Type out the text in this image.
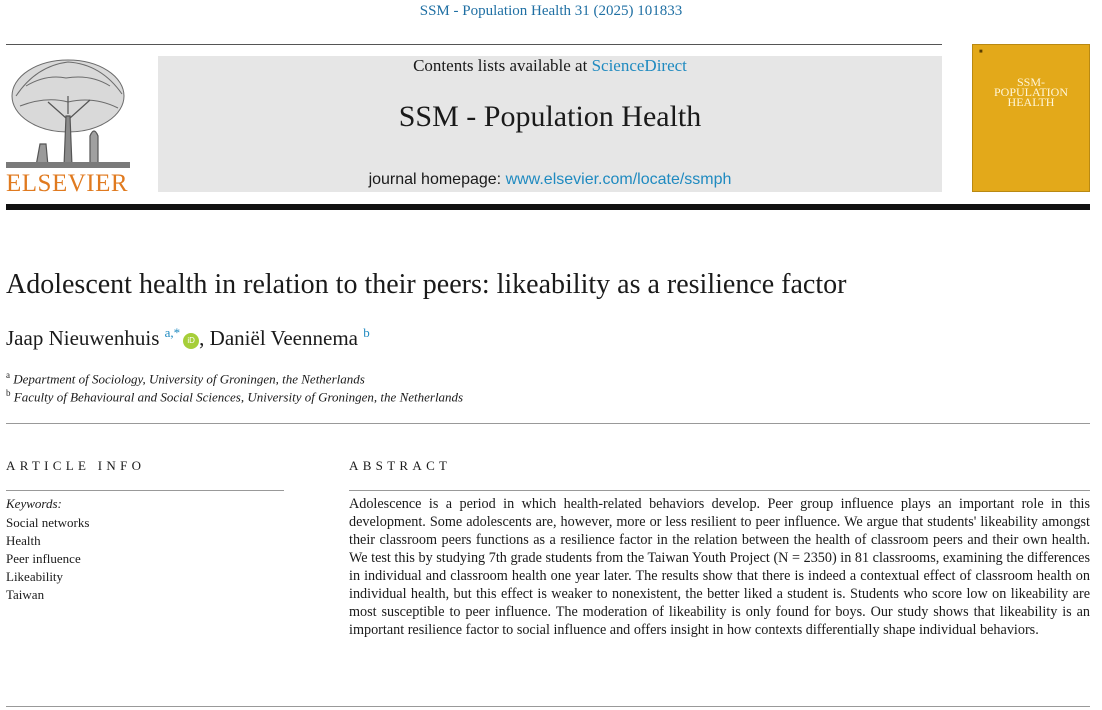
SSM - Population Health 31 (2025) 101833
ELSEVIER
Contents lists available at ScienceDirect
SSM - Population Health
journal homepage: www.elsevier.com/locate/ssmph
■
SSM-
POPULATION
HEALTH
Adolescent health in relation to their peers: likeability as a resilience factor
Jaap Nieuwenhuis $^{a,*}$iD , Daniël Veennema $^b$
$^a$ Department of Sociology, University of Groningen, the Netherlands
$^b$ Faculty of Behavioural and Social Sciences, University of Groningen, the Netherlands
ARTICLE INFO	ABSTRACT
Keywords:
Social networks
Health
Peer influence
Likeability
Taiwan

Adolescence is a period in which health-related behaviors develop. Peer group influence plays an important role in this development. Some adolescents are, however, more or less resilient to peer influence. We argue that students' likeability amongst their classroom peers functions as a resilience factor in the relation between the health of classroom peers and their own health. We test this by studying 7th grade students from the Taiwan Youth Project (N = 2350) in 81 classrooms, examining the differences in individual and classroom health one year later. The results show that there is indeed a contextual effect of classroom health on individual health, but this effect is weaker to nonexistent, the better liked a student is. Students who score low on likeability are most susceptible to peer influence. The moderation of likeability is only found for boys. Our study shows that likeability is an important resilience factor to social influence and offers insight in how contexts differentially shape individual behaviors.
